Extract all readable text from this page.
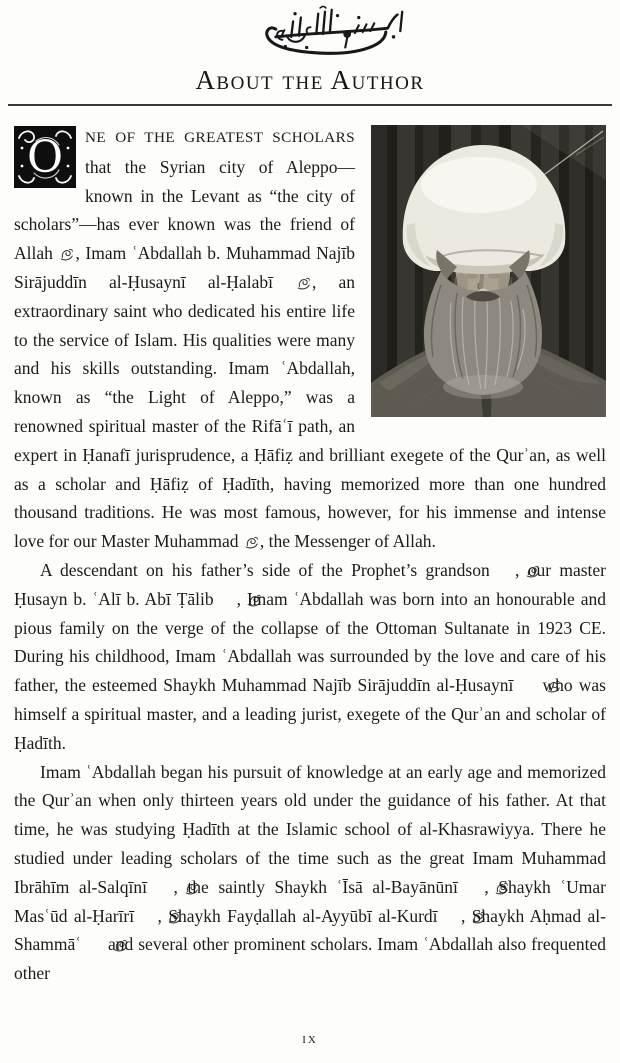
About the Author

O NE OF THE GREATEST SCHOLARS that the Syrian city of Aleppo—known in the Levant as “the city of scholars”—has ever known was the friend of Allah , Imam ʿAbdallah b. Muhammad Najīb Sirājuddīn al-Ḥusaynī al-Ḥalabī , an extraordinary saint who dedicated his entire life to the service of Islam. His qualities were many and his skills outstanding. Imam ʿAbdallah, known as “the Light of Aleppo,” was a renowned spiritual master of the Rifāʿī path, an expert in Ḥanafī jurisprudence, a Ḥāfiẓ and brilliant exegete of the Qurʾan, as well as a scholar and Ḥāfiẓ of Ḥadīth, having memorized more than one hundred thousand traditions. He was most famous, however, for his immense and intense love for our Master Muhammad , the Messenger of Allah.

A descendant on his father’s side of the Prophet’s grandson , our master Ḥusayn b. ʿAlī b. Abī Ṭālib , Imam ʿAbdallah was born into an honourable and pious family on the verge of the collapse of the Ottoman Sultanate in 1923 CE. During his childhood, Imam ʿAbdallah was surrounded by the love and care of his father, the esteemed Shaykh Muhammad Najīb Sirājuddīn al-Ḥusaynī  who was himself a spiritual master, and a leading jurist, exegete of the Qurʾan and scholar of Ḥadīth.

Imam ʿAbdallah began his pursuit of knowledge at an early age and memorized the Qurʾan when only thirteen years old under the guidance of his father. At that time, he was studying Ḥadīth at the Islamic school of al-Khasrawiyya. There he studied under leading scholars of the time such as the great Imam Muhammad Ibrāhīm al-Salqīnī , the saintly Shaykh ʿĪsā al-Bayānūnī , Shaykh ʿUmar Masʿūd al-Ḥarīrī , Shaykh Fayḍallah al-Ayyūbī al-Kurdī , Shaykh Aḥmad al-Shammāʿ  and several other prominent scholars. Imam ʿAbdallah also frequented other

ix
